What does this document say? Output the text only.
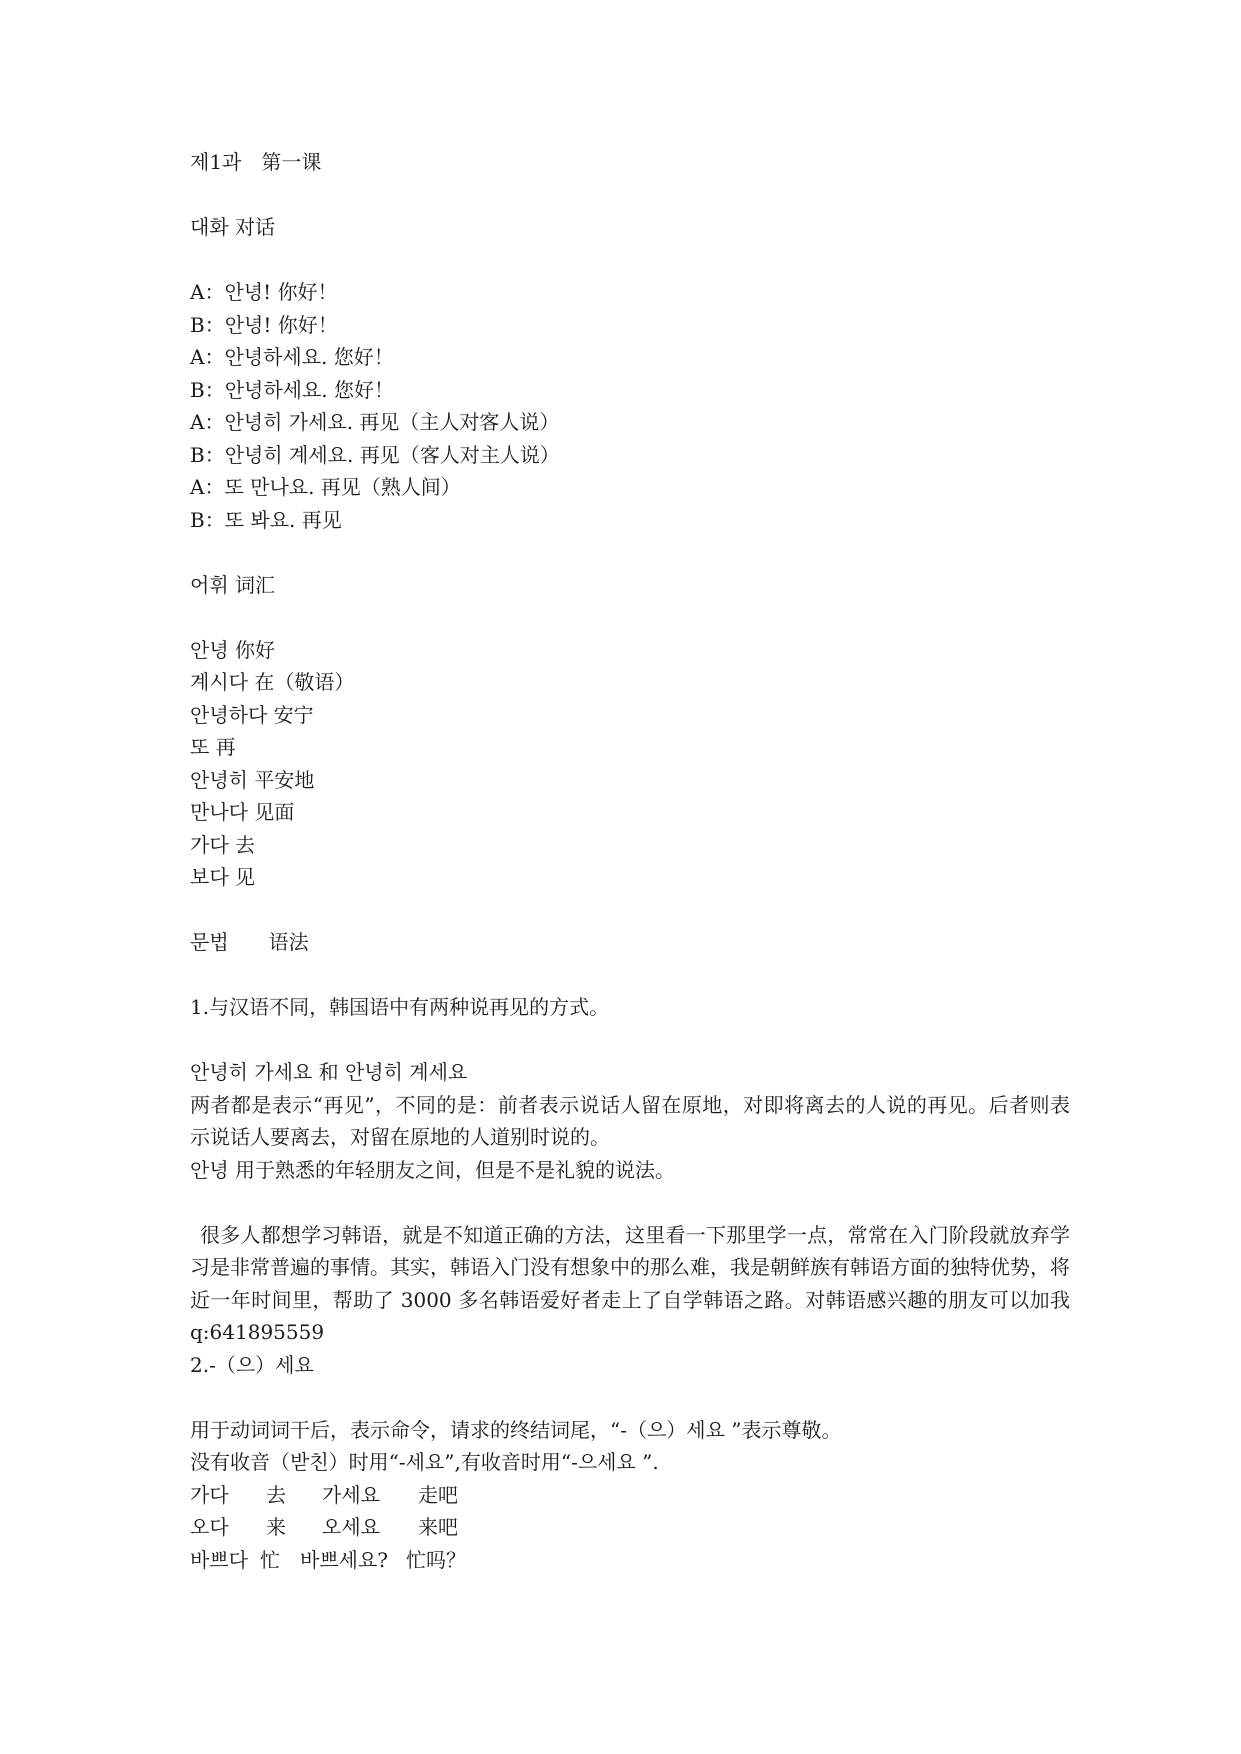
제1과　第一课
대화 对话
A：안녕! 你好！
B：안녕! 你好！
A：안녕하세요. 您好！
B：안녕하세요. 您好！
A：안녕히 가세요. 再见（主人对客人说）
B：안녕히 계세요. 再见（客人对主人说）
A：또 만나요. 再见（熟人间）
B：또 봐요. 再见
어휘 词汇
안녕 你好
계시다 在（敬语）
안녕하다 安宁
또 再
안녕히 平安地
만나다 见面
가다 去
보다 见
문법　　语法
1.与汉语不同，韩国语中有两种说再见的方式。
안녕히 가세요 和 안녕히 계세요
两者都是表示“再见”，不同的是：前者表示说话人留在原地，对即将离去的人说的再见。后者则表示说话人要离去，对留在原地的人道别时说的。
안녕 用于熟悉的年轻朋友之间，但是不是礼貌的说法。
很多人都想学习韩语，就是不知道正确的方法，这里看一下那里学一点，常常在入门阶段就放弃学习是非常普遍的事情。其实，韩语入门没有想象中的那么难，我是朝鲜族有韩语方面的独特优势，将近一年时间里，帮助了 3000 多名韩语爱好者走上了自学韩语之路。对韩语感兴趣的朋友可以加我 q:641895559
2.-（으）세요
用于动词词干后，表示命令，请求的终结词尾，“-（으）세요 ”表示尊敬。
没有收音（받친）时用“-세요”,有收音时用“-으세요 ”.
가다	去	가세요	走吧
오다	来	오세요	来吧
바쁘다 忙	바쁘세요? 忙吗？
